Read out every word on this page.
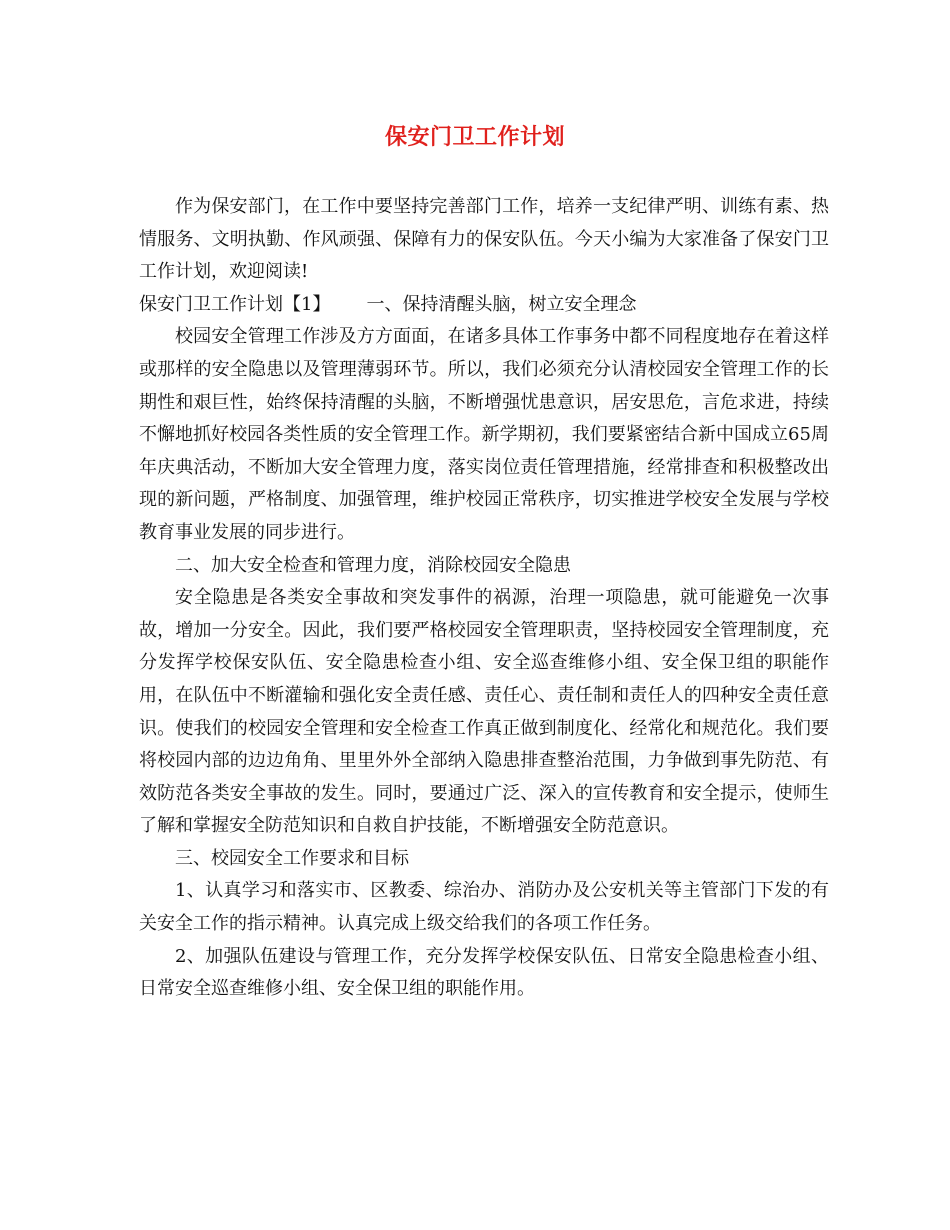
保安门卫工作计划

作为保安部门，在工作中要坚持完善部门工作，培养一支纪律严明、训练有素、热情服务、文明执勤、作风顽强、保障有力的保安队伍。今天小编为大家准备了保安门卫工作计划，欢迎阅读!

保安门卫工作计划【1】 一、保持清醒头脑，树立安全理念

校园安全管理工作涉及方方面面，在诸多具体工作事务中都不同程度地存在着这样或那样的安全隐患以及管理薄弱环节。所以，我们必须充分认清校园安全管理工作的长期性和艰巨性，始终保持清醒的头脑，不断增强忧患意识，居安思危，言危求进，持续不懈地抓好校园各类性质的安全管理工作。新学期初，我们要紧密结合新中国成立65周年庆典活动，不断加大安全管理力度，落实岗位责任管理措施，经常排查和积极整改出现的新问题，严格制度、加强管理，维护校园正常秩序，切实推进学校安全发展与学校教育事业发展的同步进行。

二、加大安全检查和管理力度，消除校园安全隐患

安全隐患是各类安全事故和突发事件的祸源，治理一项隐患，就可能避免一次事故，增加一分安全。因此，我们要严格校园安全管理职责，坚持校园安全管理制度，充分发挥学校保安队伍、安全隐患检查小组、安全巡查维修小组、安全保卫组的职能作用，在队伍中不断灌输和强化安全责任感、责任心、责任制和责任人的四种安全责任意识。使我们的校园安全管理和安全检查工作真正做到制度化、经常化和规范化。我们要将校园内部的边边角角、里里外外全部纳入隐患排查整治范围，力争做到事先防范、有效防范各类安全事故的发生。同时，要通过广泛、深入的宣传教育和安全提示，使师生了解和掌握安全防范知识和自救自护技能，不断增强安全防范意识。

三、校园安全工作要求和目标

1、认真学习和落实市、区教委、综治办、消防办及公安机关等主管部门下发的有关安全工作的指示精神。认真完成上级交给我们的各项工作任务。

2、加强队伍建设与管理工作，充分发挥学校保安队伍、日常安全隐患检查小组、日常安全巡查维修小组、安全保卫组的职能作用。
